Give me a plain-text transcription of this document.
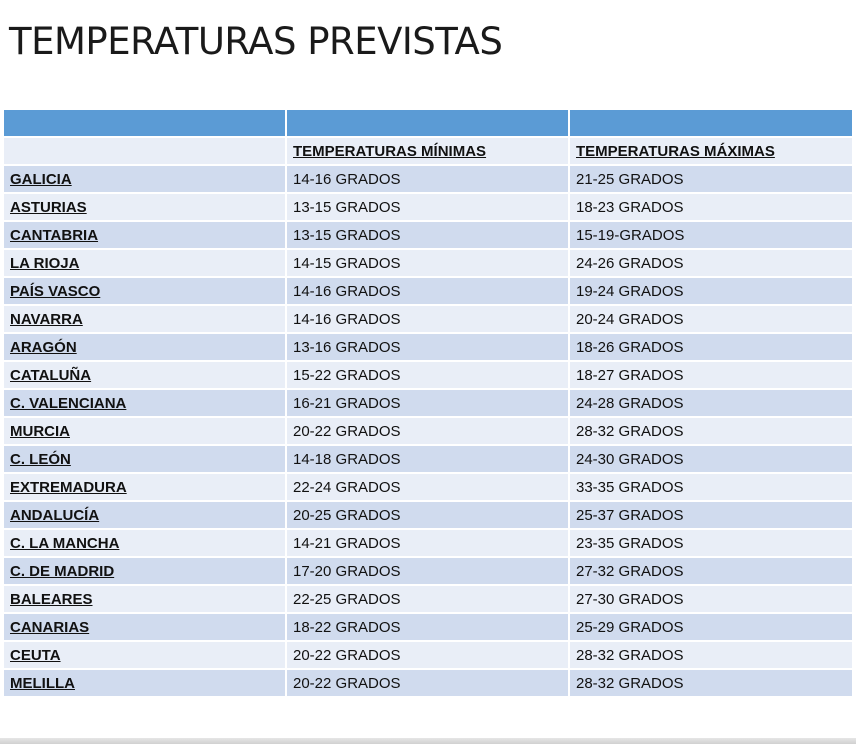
TEMPERATURAS PREVISTAS

	TEMPERATURAS MÍNIMAS	TEMPERATURAS MÁXIMAS
GALICIA	14-16 GRADOS	21-25 GRADOS
ASTURIAS	13-15 GRADOS	18-23 GRADOS
CANTABRIA	13-15 GRADOS	15-19-GRADOS
LA RIOJA	14-15 GRADOS	24-26 GRADOS
PAÍS VASCO	14-16 GRADOS	19-24 GRADOS
NAVARRA	14-16 GRADOS	20-24 GRADOS
ARAGÓN	13-16 GRADOS	18-26 GRADOS
CATALUÑA	15-22 GRADOS	18-27 GRADOS
C. VALENCIANA	16-21 GRADOS	24-28 GRADOS
MURCIA	20-22 GRADOS	28-32 GRADOS
C. LEÓN	14-18 GRADOS	24-30 GRADOS
EXTREMADURA	22-24 GRADOS	33-35 GRADOS
ANDALUCÍA	20-25 GRADOS	25-37 GRADOS
C. LA MANCHA	14-21 GRADOS	23-35 GRADOS
C. DE MADRID	17-20 GRADOS	27-32 GRADOS
BALEARES	22-25 GRADOS	27-30 GRADOS
CANARIAS	18-22 GRADOS	25-29 GRADOS
CEUTA	20-22 GRADOS	28-32 GRADOS
MELILLA	20-22 GRADOS	28-32 GRADOS
